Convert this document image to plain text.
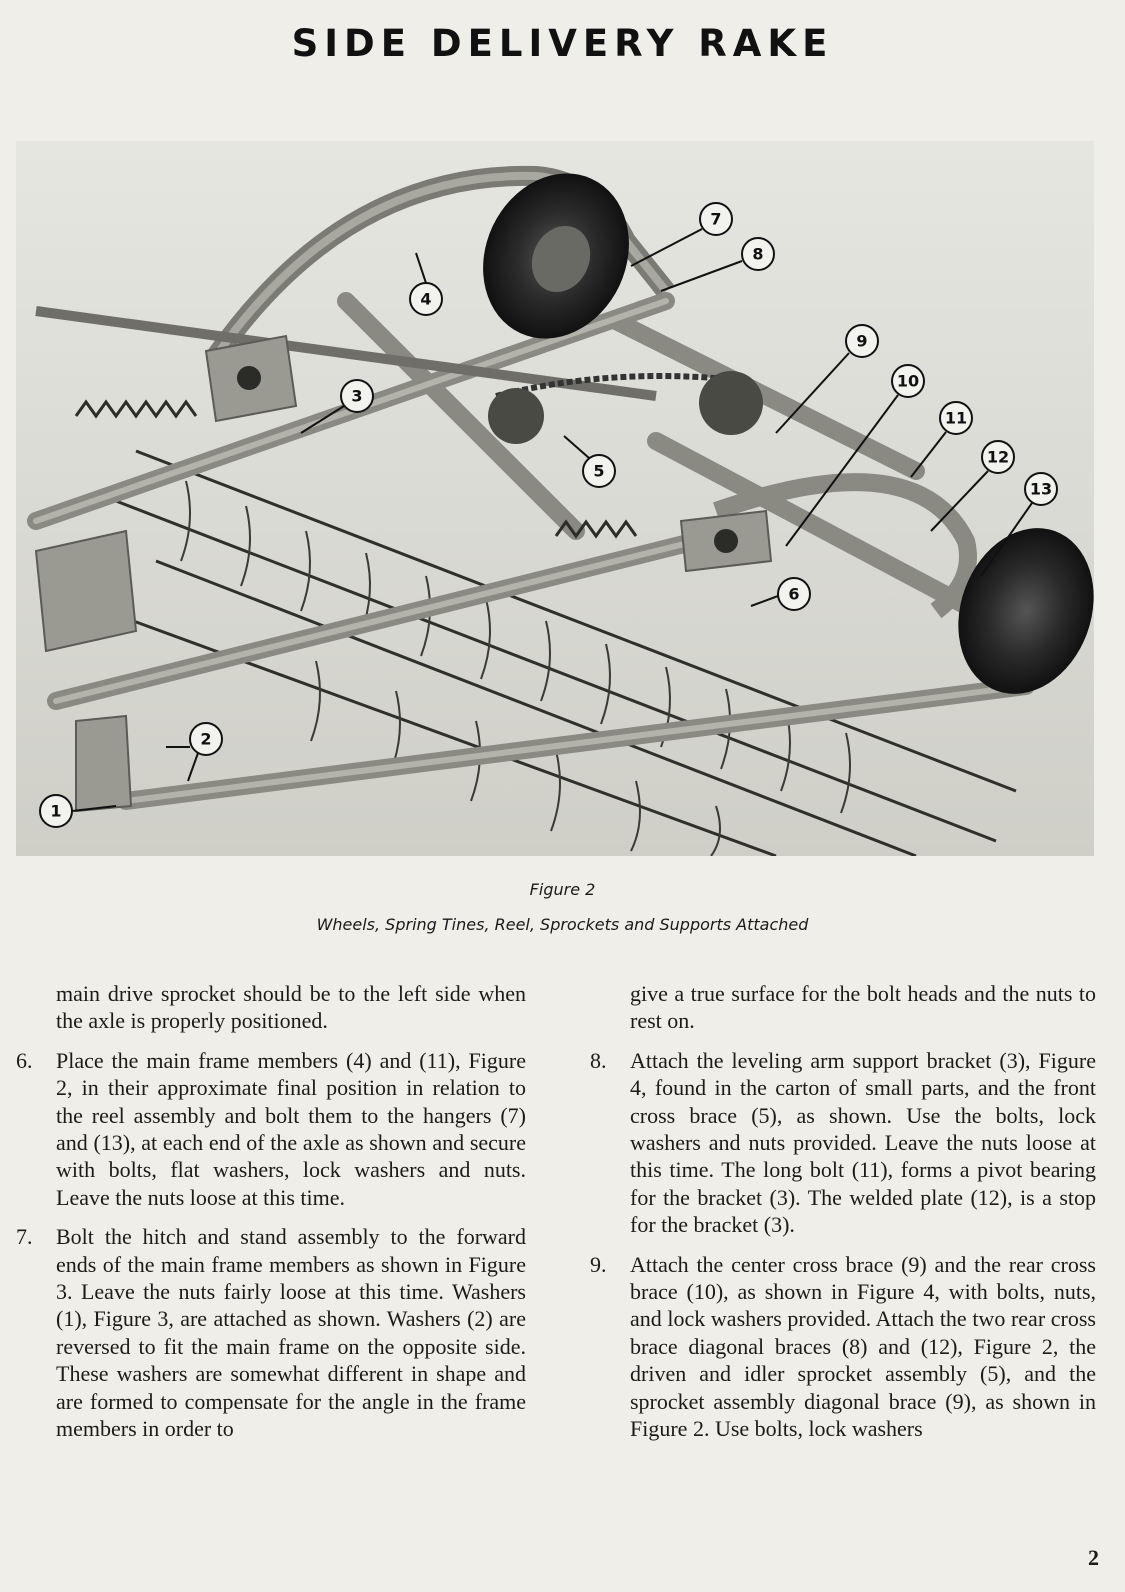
SIDE DELIVERY RAKE
1
2
3
4
5
6
7
8
9
10
11
12
13
Figure 2
Wheels, Spring Tines, Reel, Sprockets and Supports Attached

main drive sprocket should be to the left side when the axle is properly positioned.

6. Place the main frame members (4) and (11), Figure 2, in their approximate final position in relation to the reel assembly and bolt them to the hangers (7) and (13), at each end of the axle as shown and secure with bolts, flat washers, lock washers and nuts. Leave the nuts loose at this time.

7. Bolt the hitch and stand assembly to the forward ends of the main frame members as shown in Figure 3. Leave the nuts fairly loose at this time. Washers (1), Figure 3, are attached as shown. Washers (2) are reversed to fit the main frame on the opposite side. These washers are somewhat different in shape and are formed to compensate for the angle in the frame members in order to

give a true surface for the bolt heads and the nuts to rest on.

8. Attach the leveling arm support bracket (3), Figure 4, found in the carton of small parts, and the front cross brace (5), as shown. Use the bolts, lock washers and nuts provided. Leave the nuts loose at this time. The long bolt (11), forms a pivot bearing for the bracket (3). The welded plate (12), is a stop for the bracket (3).

9. Attach the center cross brace (9) and the rear cross brace (10), as shown in Figure 4, with bolts, nuts, and lock washers provided. Attach the two rear cross brace diagonal braces (8) and (12), Figure 2, the driven and idler sprocket assembly (5), and the sprocket assembly diagonal brace (9), as shown in Figure 2. Use bolts, lock washers

2
